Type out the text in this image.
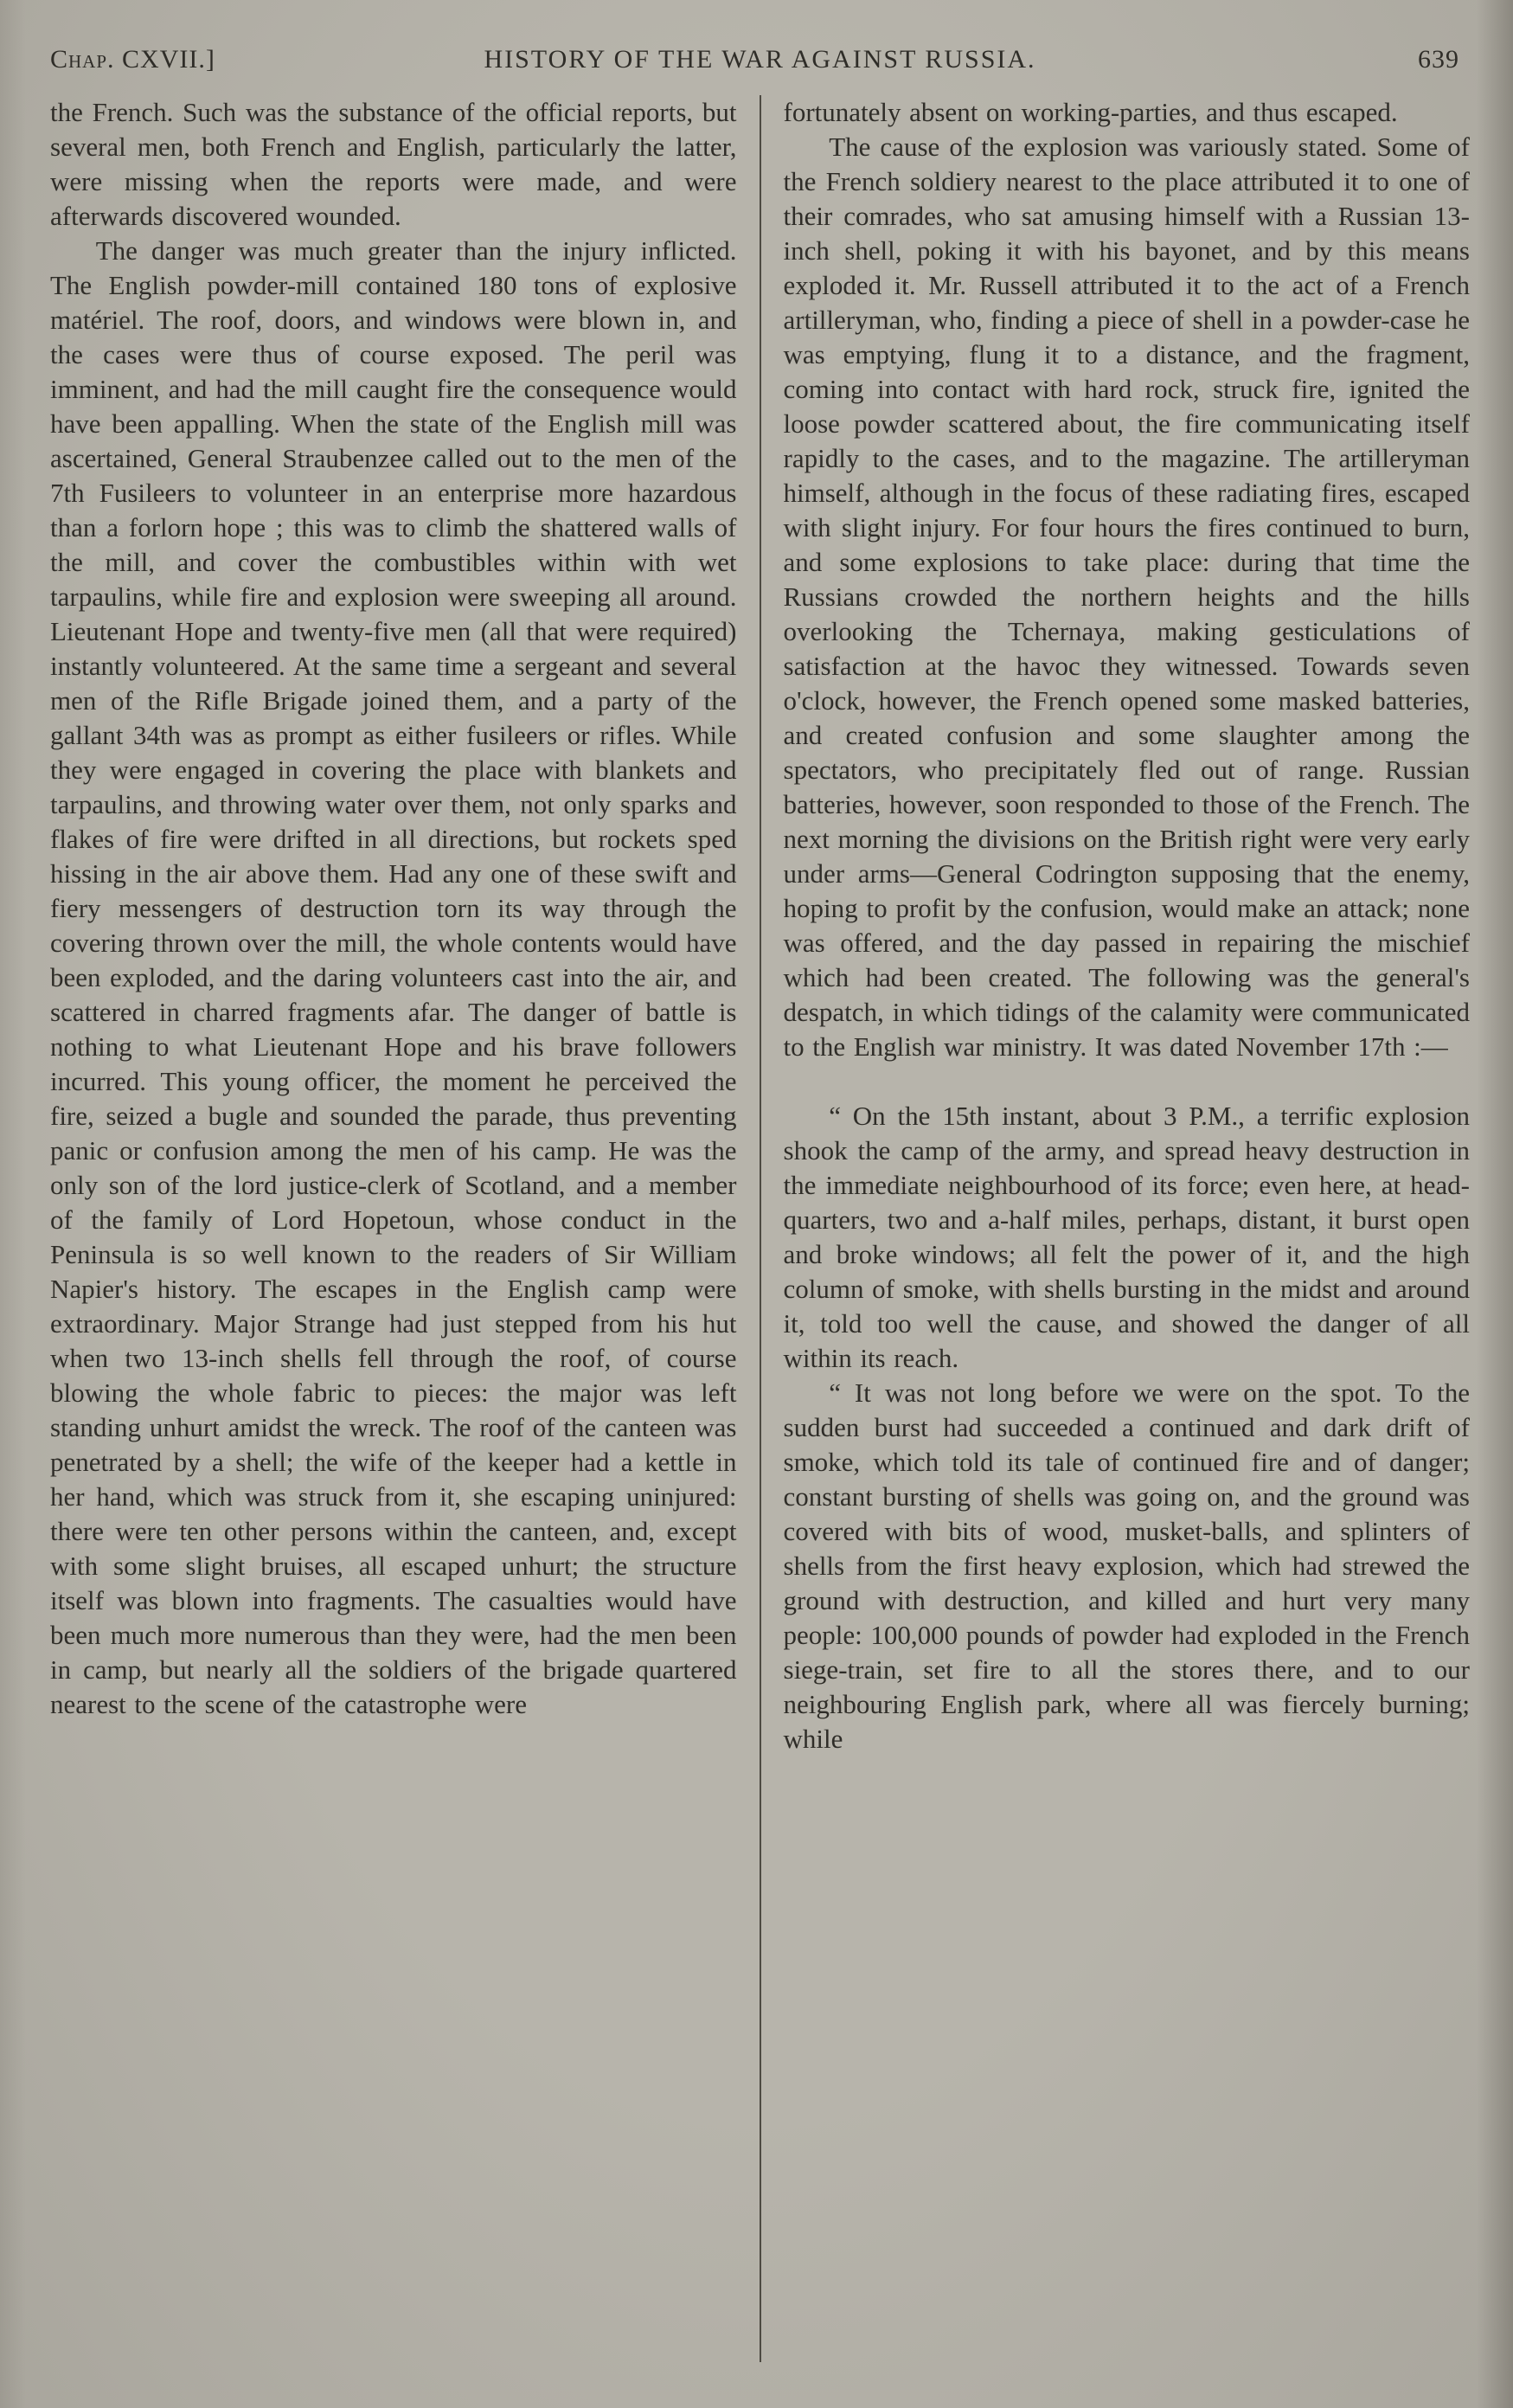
Chap. CXVII.]	HISTORY OF THE WAR AGAINST RUSSIA.	639

the French. Such was the substance of the official reports, but several men, both French and English, particularly the latter, were missing when the reports were made, and were afterwards discovered wounded.

The danger was much greater than the injury inflicted. The English powder-mill contained 180 tons of explosive matériel. The roof, doors, and windows were blown in, and the cases were thus of course exposed. The peril was imminent, and had the mill caught fire the consequence would have been appalling. When the state of the English mill was ascertained, General Straubenzee called out to the men of the 7th Fusileers to volunteer in an enterprise more hazardous than a forlorn hope ; this was to climb the shattered walls of the mill, and cover the combustibles within with wet tarpaulins, while fire and explosion were sweeping all around. Lieutenant Hope and twenty-five men (all that were required) instantly volunteered. At the same time a sergeant and several men of the Rifle Brigade joined them, and a party of the gallant 34th was as prompt as either fusileers or rifles. While they were engaged in covering the place with blankets and tarpaulins, and throwing water over them, not only sparks and flakes of fire were drifted in all directions, but rockets sped hissing in the air above them. Had any one of these swift and fiery messengers of destruction torn its way through the covering thrown over the mill, the whole contents would have been exploded, and the daring volunteers cast into the air, and scattered in charred fragments afar. The danger of battle is nothing to what Lieutenant Hope and his brave followers incurred. This young officer, the moment he perceived the fire, seized a bugle and sounded the parade, thus preventing panic or confusion among the men of his camp. He was the only son of the lord justice-clerk of Scotland, and a member of the family of Lord Hopetoun, whose conduct in the Peninsula is so well known to the readers of Sir William Napier's history. The escapes in the English camp were extraordinary. Major Strange had just stepped from his hut when two 13-inch shells fell through the roof, of course blowing the whole fabric to pieces: the major was left standing unhurt amidst the wreck. The roof of the canteen was penetrated by a shell; the wife of the keeper had a kettle in her hand, which was struck from it, she escaping uninjured: there were ten other persons within the canteen, and, except with some slight bruises, all escaped unhurt; the structure itself was blown into fragments. The casualties would have been much more numerous than they were, had the men been in camp, but nearly all the soldiers of the brigade quartered nearest to the scene of the catastrophe were

fortunately absent on working-parties, and thus escaped.

The cause of the explosion was variously stated. Some of the French soldiery nearest to the place attributed it to one of their comrades, who sat amusing himself with a Russian 13-inch shell, poking it with his bayonet, and by this means exploded it. Mr. Russell attributed it to the act of a French artilleryman, who, finding a piece of shell in a powder-case he was emptying, flung it to a distance, and the fragment, coming into contact with hard rock, struck fire, ignited the loose powder scattered about, the fire communicating itself rapidly to the cases, and to the magazine. The artilleryman himself, although in the focus of these radiating fires, escaped with slight injury. For four hours the fires continued to burn, and some explosions to take place: during that time the Russians crowded the northern heights and the hills overlooking the Tchernaya, making gesticulations of satisfaction at the havoc they witnessed. Towards seven o'clock, however, the French opened some masked batteries, and created confusion and some slaughter among the spectators, who precipitately fled out of range. Russian batteries, however, soon responded to those of the French. The next morning the divisions on the British right were very early under arms—General Codrington supposing that the enemy, hoping to profit by the confusion, would make an attack; none was offered, and the day passed in repairing the mischief which had been created. The following was the general's despatch, in which tidings of the calamity were communicated to the English war ministry. It was dated November 17th :—

“ On the 15th instant, about 3 P.M., a terrific explosion shook the camp of the army, and spread heavy destruction in the immediate neighbourhood of its force; even here, at head-quarters, two and a-half miles, perhaps, distant, it burst open and broke windows; all felt the power of it, and the high column of smoke, with shells bursting in the midst and around it, told too well the cause, and showed the danger of all within its reach.

“ It was not long before we were on the spot. To the sudden burst had succeeded a continued and dark drift of smoke, which told its tale of continued fire and of danger; constant bursting of shells was going on, and the ground was covered with bits of wood, musket-balls, and splinters of shells from the first heavy explosion, which had strewed the ground with destruction, and killed and hurt very many people: 100,000 pounds of powder had exploded in the French siege-train, set fire to all the stores there, and to our neighbouring English park, where all was fiercely burning; while
